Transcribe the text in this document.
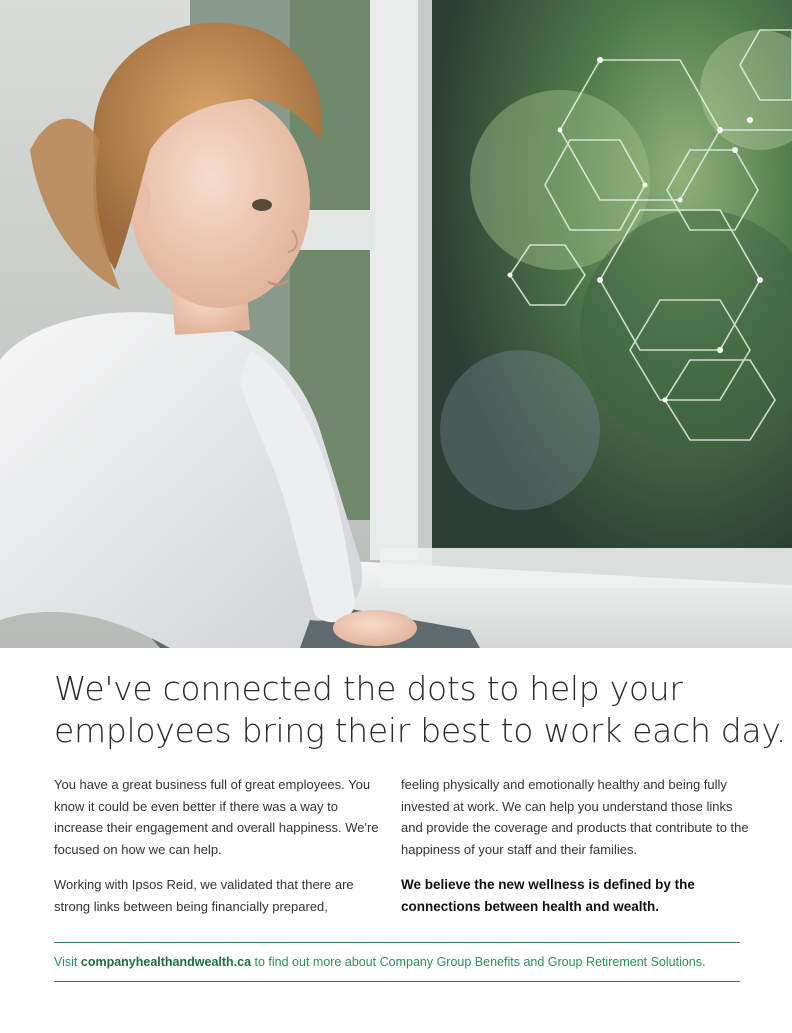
We've connected the dots to help your
employees bring their best to work each day.

You have a great business full of great employees. You know it could be even better if there was a way to increase their engagement and overall happiness. We're focused on how we can help.

Working with Ipsos Reid, we validated that there are strong links between being financially prepared,

feeling physically and emotionally healthy and being fully invested at work. We can help you understand those links and provide the coverage and products that contribute to the happiness of your staff and their families.

We believe the new wellness is defined by the connections between health and wealth.

Visit companyhealthandwealth.ca to find out more about Company Group Benefits and Group Retirement Solutions.
